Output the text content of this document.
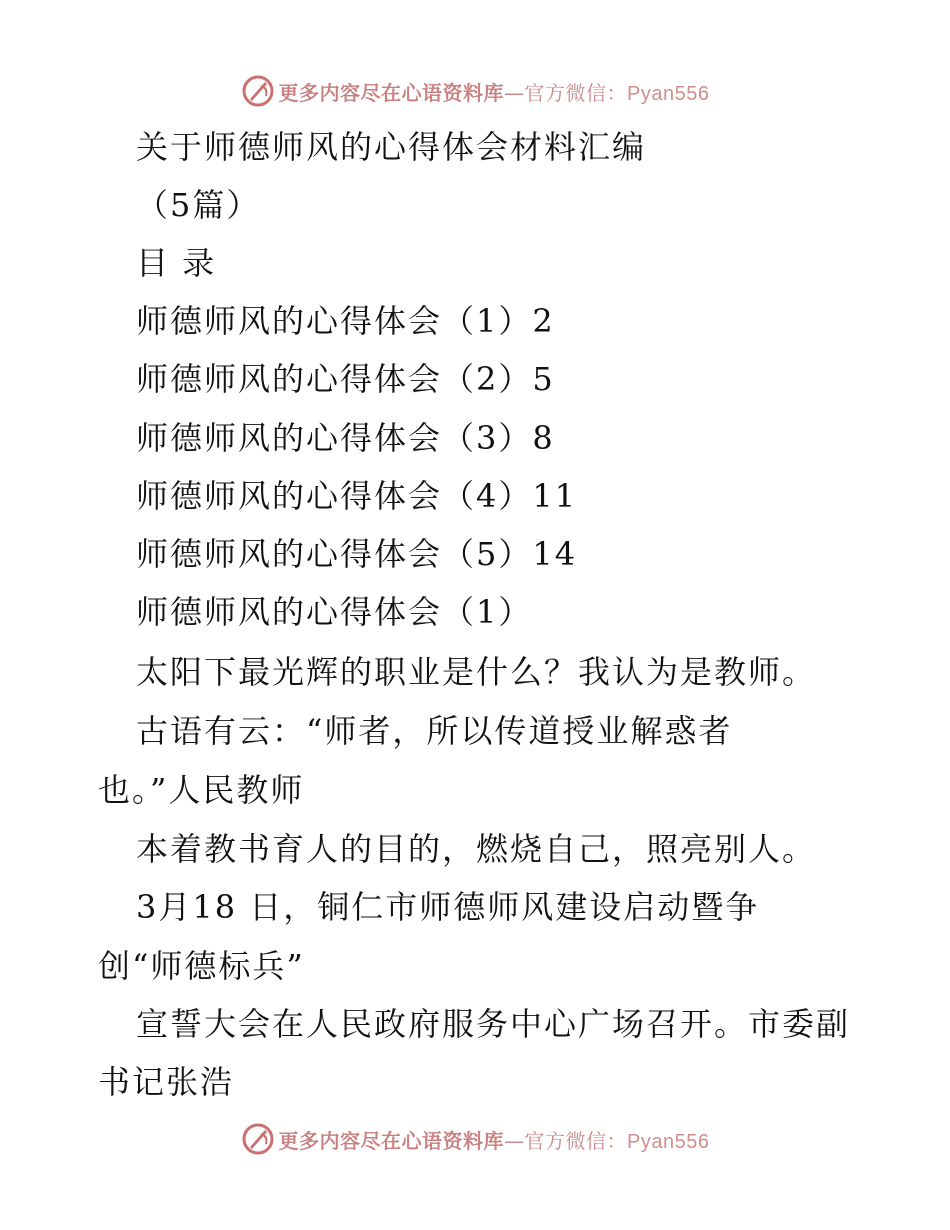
更多内容尽在心语资料库—官方微信：Pyan556
关于师德师风的心得体会材料汇编
（5篇）
目 录
师德师风的心得体会（1）2
师德师风的心得体会（2）5
师德师风的心得体会（3）8
师德师风的心得体会（4）11
师德师风的心得体会（5）14
师德师风的心得体会（1）
太阳下最光辉的职业是什么？我认为是教师。
古语有云：“师者，所以传道授业解惑者
也。”人民教师
本着教书育人的目的，燃烧自己，照亮别人。
3月18 日，铜仁市师德师风建设启动暨争
创“师德标兵”
宣誓大会在人民政府服务中心广场召开。市委副
书记张浩
更多内容尽在心语资料库—官方微信：Pyan556
